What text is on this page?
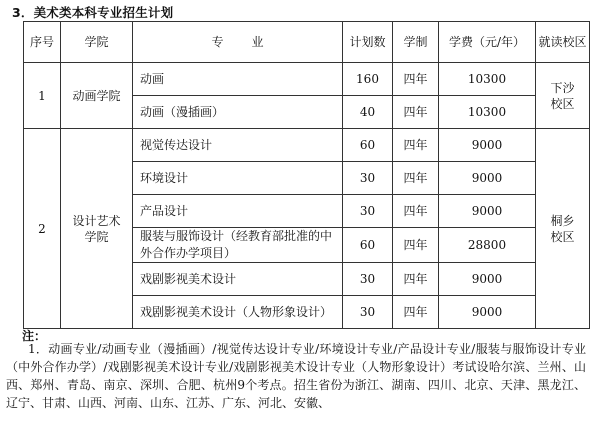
3．美术类本科专业招生计划
序号	学院	专业	计划数	学制	学费（元/年）	就读校区
1	动画学院	动画	160	四年	10300	下沙校区
		动画（漫插画）	40	四年	10300	
2	设计艺术学院	视觉传达设计	60	四年	9000	桐乡校区
		环境设计	30	四年	9000	
		产品设计	30	四年	9000	
		服装与服饰设计（经教育部批准的中外合作办学项目）	60	四年	28800	
		戏剧影视美术设计	30	四年	9000	
		戏剧影视美术设计（人物形象设计）	30	四年	9000	
注：
1．动画专业/动画专业（漫插画）/视觉传达设计专业/环境设计专业/产品设计专业/服装与服饰设计专业（中外合作办学）/戏剧影视美术设计专业/戏剧影视美术设计专业（人物形象设计）考试设哈尔滨、兰州、山西、郑州、青岛、南京、深圳、合肥、杭州9个考点。招生省份为浙江、湖南、四川、北京、天津、黑龙江、辽宁、甘肃、山西、河南、山东、江苏、广东、河北、安徽、
